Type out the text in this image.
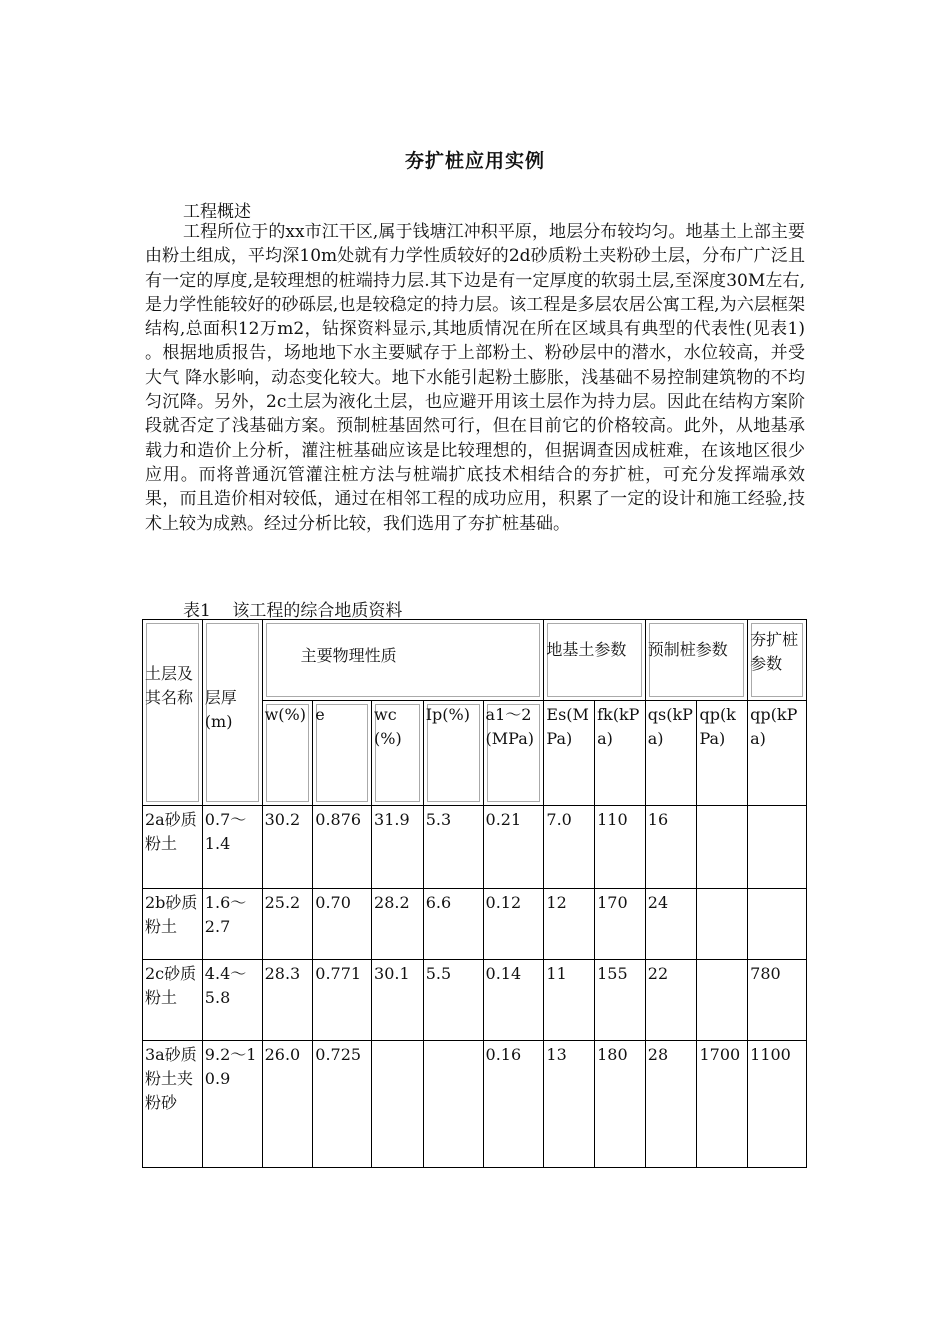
夯扩桩应用实例
工程概述
工程所位于的xx市江干区,属于钱塘江冲积平原，地层分布较均匀。地基土上部主要由粉土组成，平均深10m处就有力学性质较好的2d砂质粉土夹粉砂土层，分布广广泛且有一定的厚度,是较理想的桩端持力层.其下边是有一定厚度的软弱土层,至深度30M左右,是力学性能较好的砂砾层,也是较稳定的持力层。该工程是多层农居公寓工程,为六层框架结构,总面积12万m2，钻探资料显示,其地质情况在所在区域具有典型的代表性(见表1) 。根据地质报告，场地地下水主要赋存于上部粉土、粉砂层中的潜水，水位较高，并受大气 降水影响，动态变化较大。地下水能引起粉土膨胀，浅基础不易控制建筑物的不均匀沉降。另外，2c土层为液化土层，也应避开用该土层作为持力层。因此在结构方案阶段就否定了浅基础方案。预制桩基固然可行，但在目前它的价格较高。此外，从地基承载力和造价上分析，灌注桩基础应该是比较理想的，但据调查因成桩难，在该地区很少应用。而将普通沉管灌注桩方法与桩端扩底技术相结合的夯扩桩，可充分发挥端承效果，而且造价相对较低，通过在相邻工程的成功应用，积累了一定的设计和施工经验,技术上较为成熟。经过分析比较，我们选用了夯扩桩基础。
表1    该工程的综合地质资料
土层及其名称	层厚(m)	主要物理性质					地基土参数		预制桩参数		夯扩桩参数

		w(%)	e	wc(%)	Ip(%)	a1～2(MPa)	Es(MPa)	fk(kPa)	qs(kPa)	qp(kPa)	qp(kPa)
2a砂质粉土	0.7～1.4	30.2	0.876	31.9	5.3	0.21	7.0	110	16		
2b砂质粉土	1.6～2.7	25.2	0.70	28.2	6.6	0.12	12	170	24		
2c砂质粉土	4.4～5.8	28.3	0.771	30.1	5.5	0.14	11	155	22		780
3a砂质粉土夹粉砂	9.2～10.9	26.0	0.725			0.16	13	180	28	1700	1100
